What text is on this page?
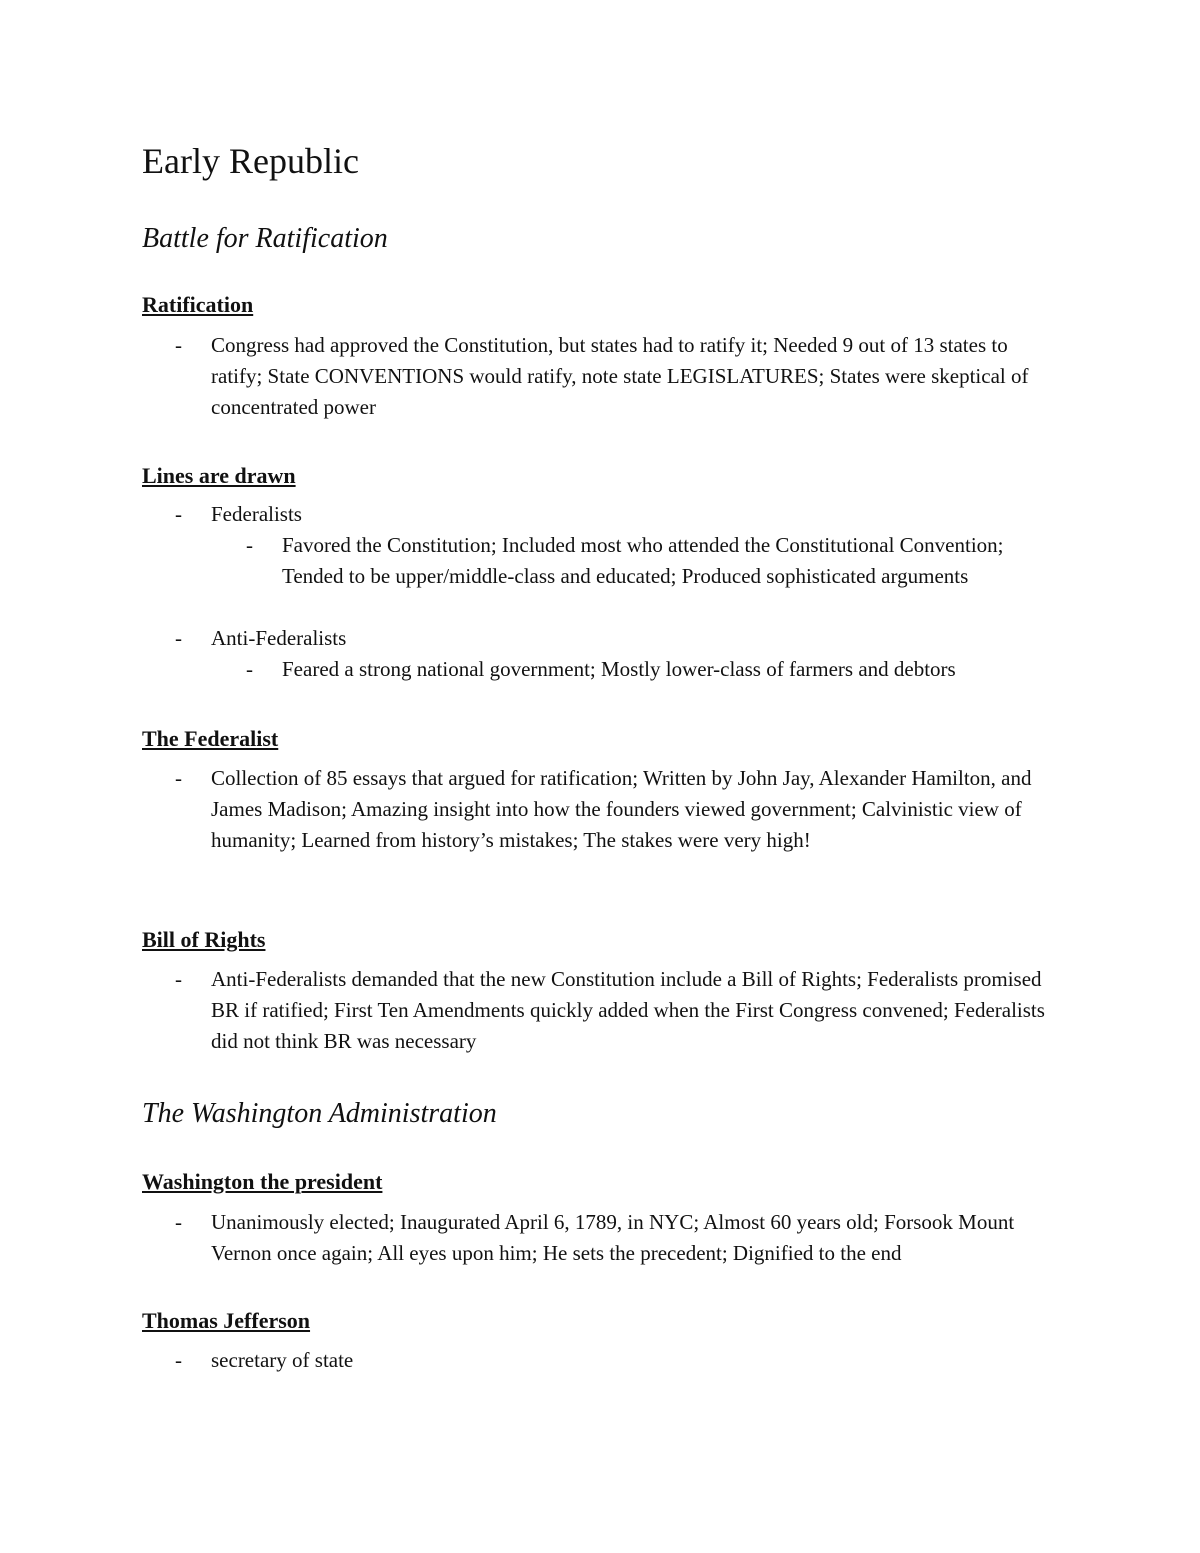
Early Republic
Battle for Ratification
Ratification
- Congress had approved the Constitution, but states had to ratify it; Needed 9 out of 13 states to ratify; State CONVENTIONS would ratify, note state LEGISLATURES; States were skeptical of concentrated power
Lines are drawn
- Federalists
- Favored the Constitution; Included most who attended the Constitutional Convention; Tended to be upper/middle-class and educated; Produced sophisticated arguments
- Anti-Federalists
- Feared a strong national government; Mostly lower-class of farmers and debtors
The Federalist
- Collection of 85 essays that argued for ratification; Written by John Jay, Alexander Hamilton, and James Madison; Amazing insight into how the founders viewed government; Calvinistic view of humanity; Learned from history’s mistakes; The stakes were very high!
Bill of Rights
- Anti-Federalists demanded that the new Constitution include a Bill of Rights; Federalists promised BR if ratified; First Ten Amendments quickly added when the First Congress convened; Federalists did not think BR was necessary
The Washington Administration
Washington the president
- Unanimously elected; Inaugurated April 6, 1789, in NYC; Almost 60 years old; Forsook Mount Vernon once again; All eyes upon him; He sets the precedent; Dignified to the end
Thomas Jefferson
- secretary of state
